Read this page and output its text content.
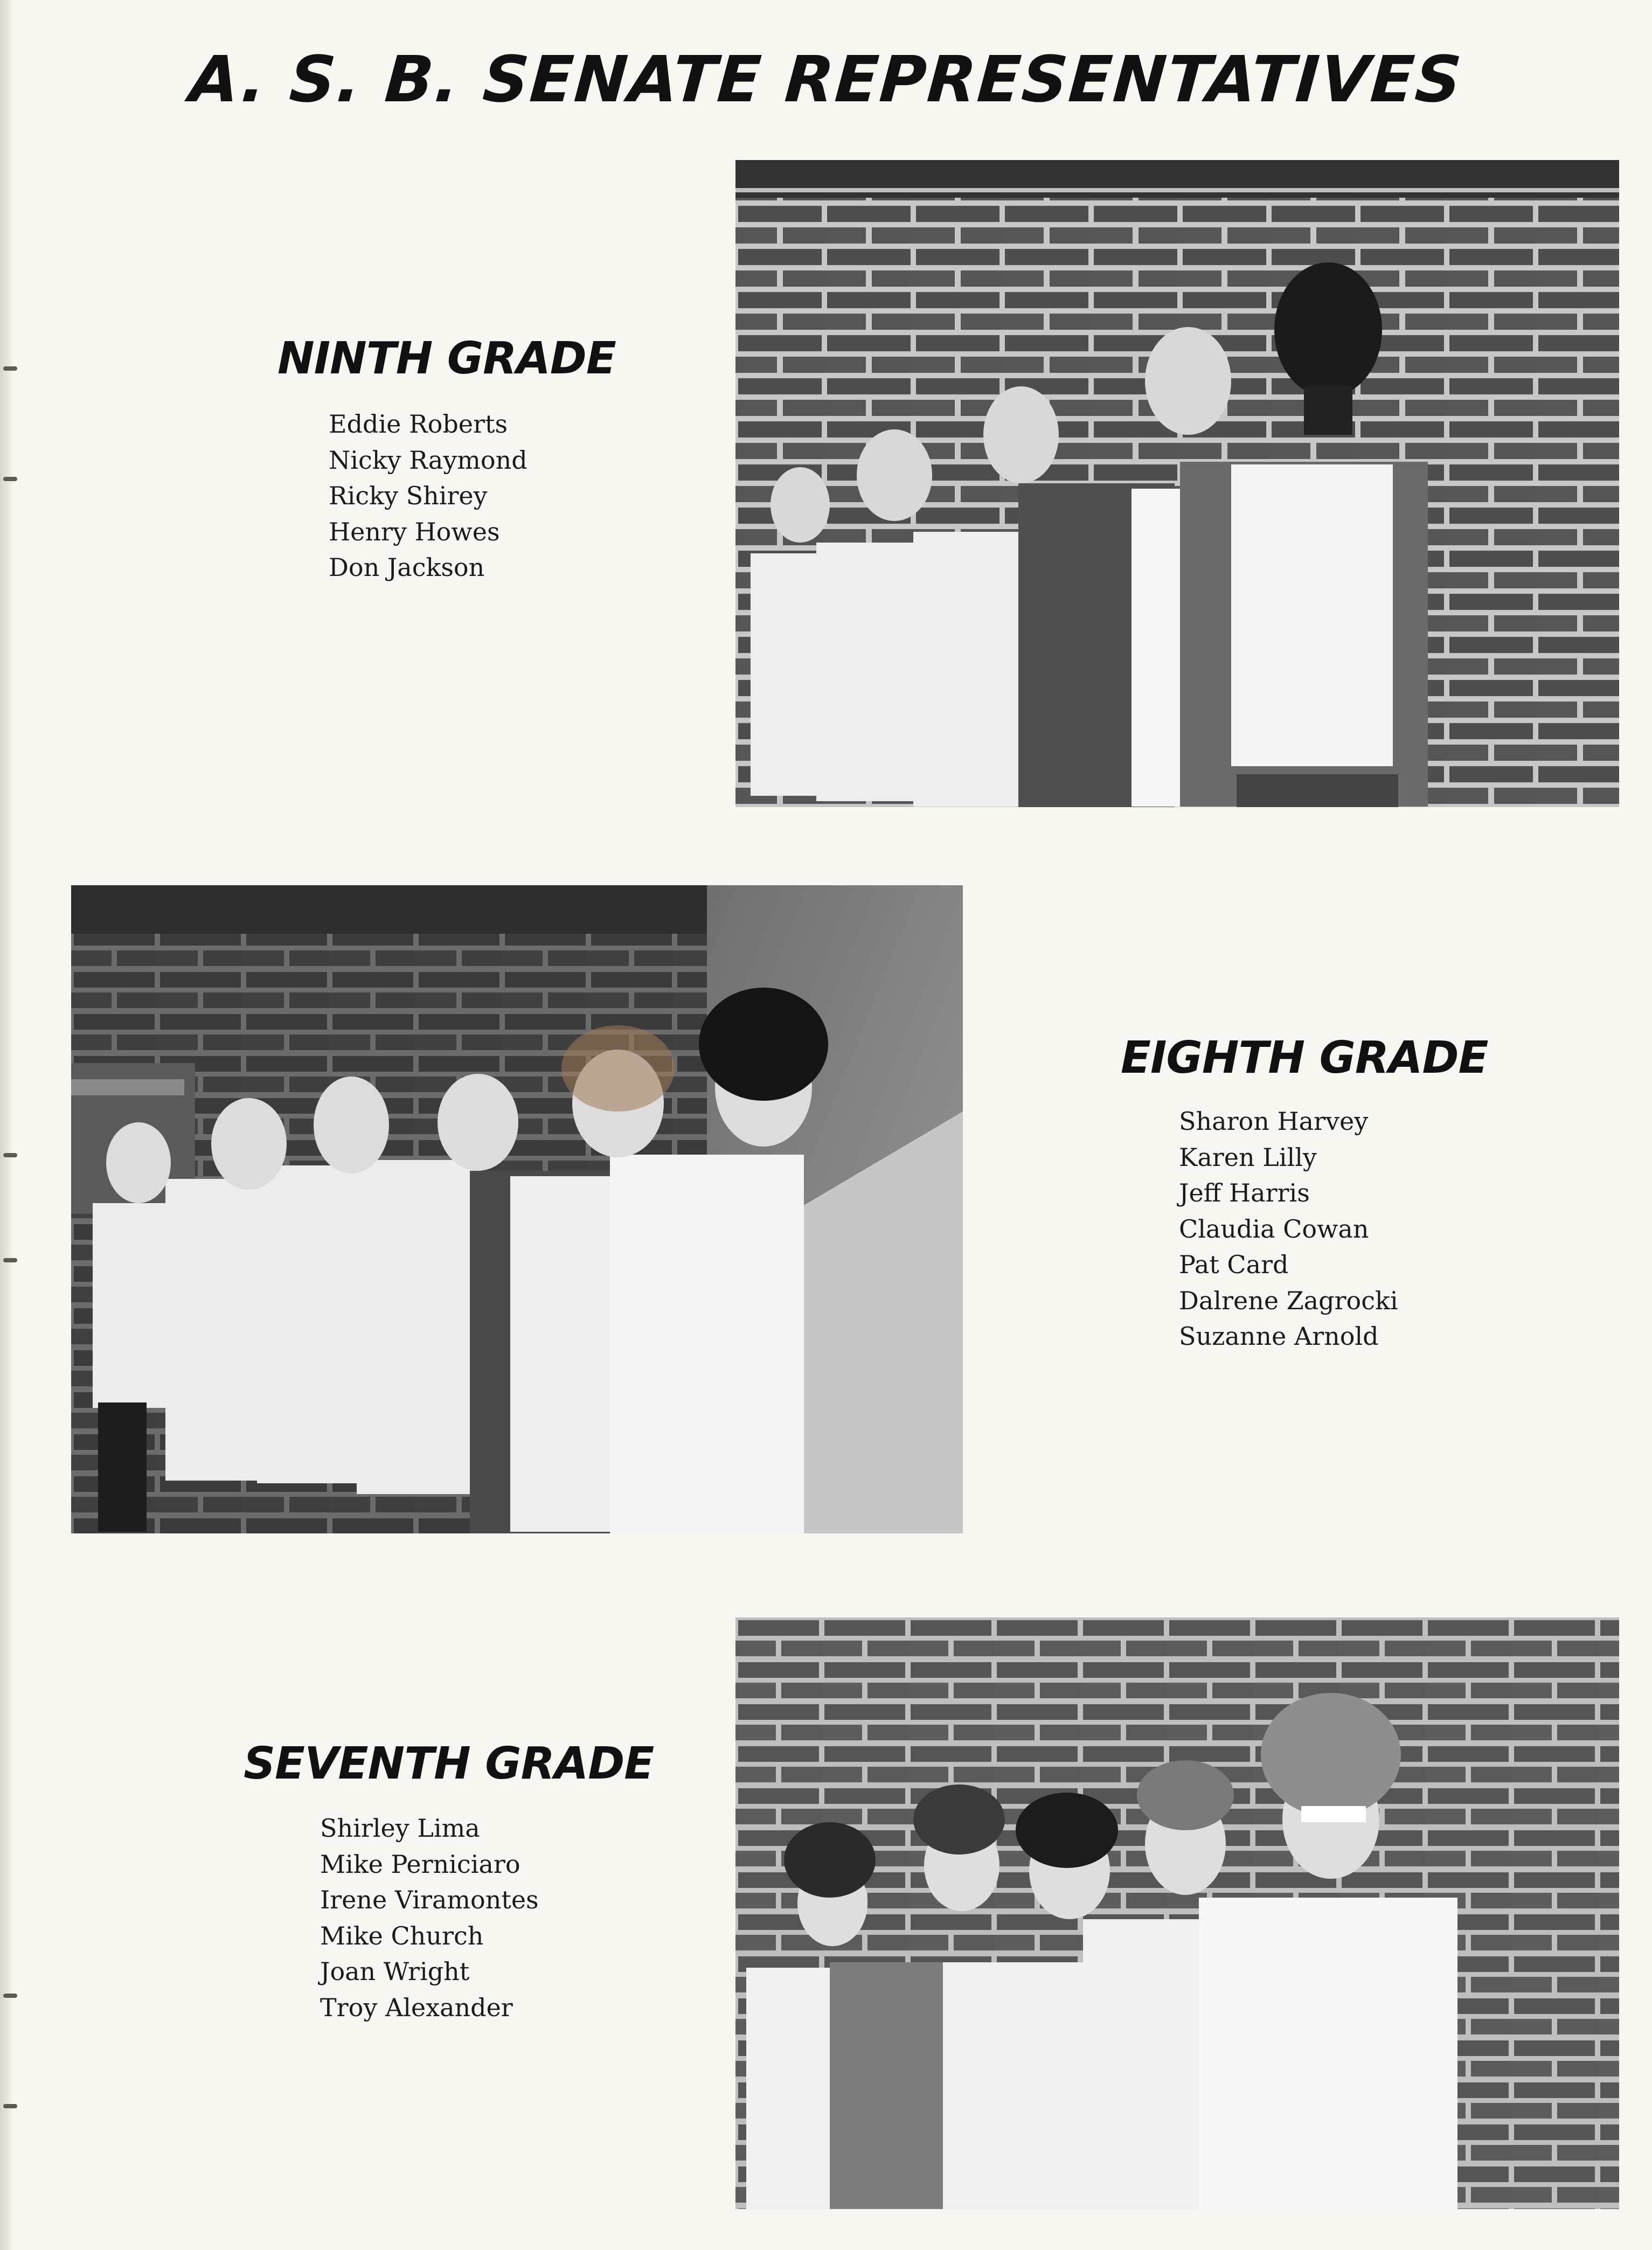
A. S. B. SENATE REPRESENTATIVES
NINTH GRADE
Eddie Roberts
Nicky Raymond
Ricky Shirey
Henry Howes
Don Jackson
EIGHTH GRADE
Sharon Harvey
Karen Lilly
Jeff Harris
Claudia Cowan
Pat Card
Dalrene Zagrocki
Suzanne Arnold
SEVENTH GRADE
Shirley Lima
Mike Perniciaro
Irene Viramontes
Mike Church
Joan Wright
Troy Alexander
